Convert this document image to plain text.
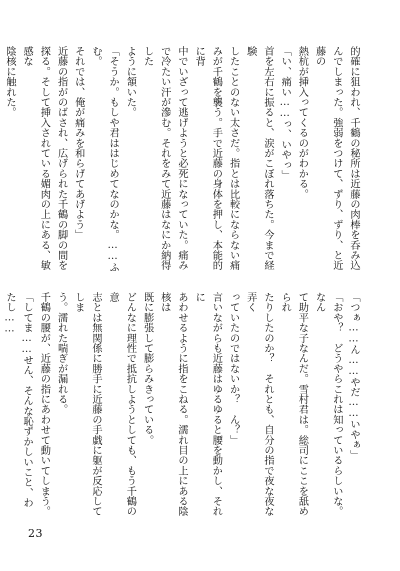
的確に狙われ、千鶴の秘所は近藤の肉棒を呑み込

んでしまった。強弱をつけて、ずり、ずり、と近藤の

熱杭が挿入ってくるのがわかる。

「い、痛い……っ、いやっ」

首を左右に振ると、涙がこぼれ落ちた。今まで経験

したことのない太さだ。指とは比較にならない痛

みが千鶴を襲う。手で近藤の身体を押し、本能的に背

中でいざって逃げようと必死になっていた。痛み

で冷たい汗が滲む。それをみて近藤はなにか納得した

ように頷いた。

「そうか。もしや君ははじめてなのかな。……ふむ。

それでは、俺が痛みを和らげてあげよう」

近藤の指がのばされ、広げられた千鶴の脚の間を

探る。そして挿入されている媚肉の上にある、敏感な

陰核に触れた。

「つぁ……ん……やだ……いやぁ」

「おや？　どうやらこれは知っているらしいな。なん

て助平な子なんだ。雪村君は。総司にここを舐められ

たりしたのか？　それとも、自分の指で夜な夜な弄く

っていたのではないか？　ん？」

言いながらも近藤はゆるゆると腰を動かし、それに

あわせるように指をこねる。濡れ目の上にある陰核は

既に膨張して膨らみきっている。

どんなに理性で抵抗しようとしても、もう千鶴の意

志とは無関係に勝手に近藤の手戯に躯が反応してしま

う。濡れた喘ぎが漏れる。

千鶴の腰が、近藤の指にあわせて動いてしまう。

「してま……せん、そんな恥ずかしいこと、わたし……

23
